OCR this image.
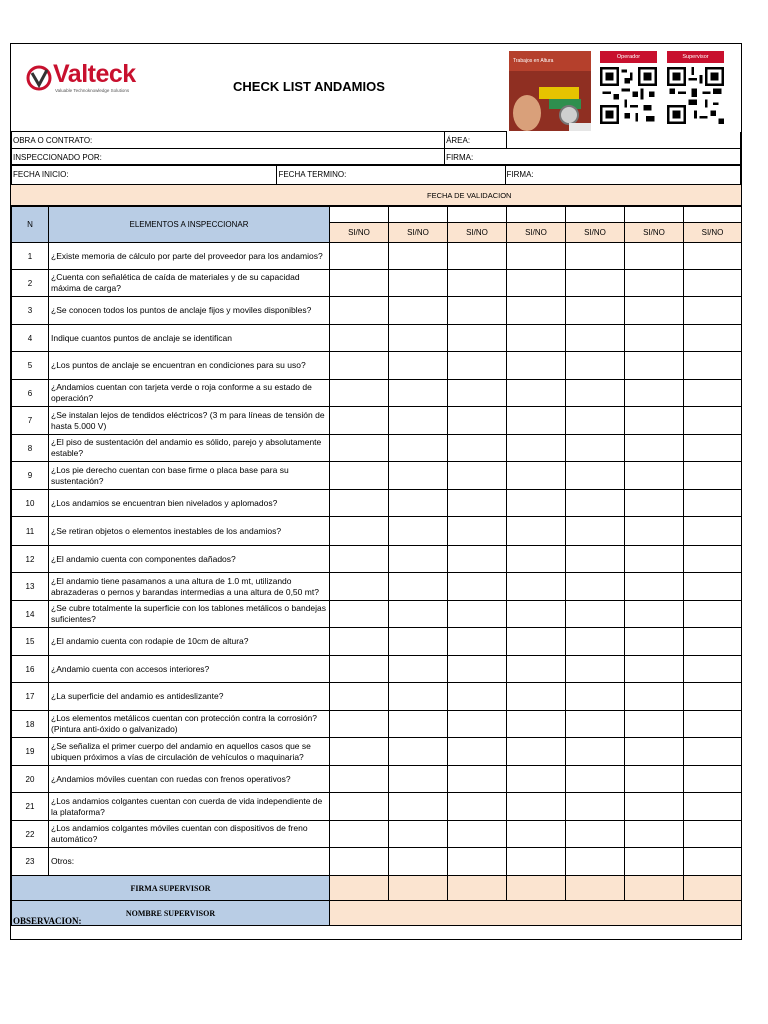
Valteck
Valuable Technoknowledge Solutions	CHECK LIST ANDAMIOS
Trabajos en Altura
Operador	Supervisor
OBRA O CONTRATO:	ÁREA:	
INSPECCIONADO POR:	FIRMA:	
FECHA INICIO:	FECHA TERMINO:	FIRMA:
FECHA DE VALIDACION
N	ELEMENTOS A INSPECCIONAR							
		SI/NO	SI/NO	SI/NO	SI/NO	SI/NO	SI/NO	SI/NO
1	¿Existe memoria de cálculo por parte del proveedor para los andamios?							
2	¿Cuenta con señalética de caída de materiales y de su capacidad máxima de carga?							
3	¿Se conocen todos los puntos de anclaje fijos y moviles disponibles?							
4	Indique cuantos puntos de anclaje se identifican							
5	¿Los puntos de anclaje se encuentran en condiciones para su uso?							
6	¿Andamios cuentan con tarjeta verde o roja conforme a su estado de operación?							
7	¿Se instalan lejos de tendidos eléctricos? (3 m para líneas de tensión de hasta 5.000 V)							
8	¿El piso de sustentación del andamio es sólido, parejo y absolutamente estable?							
9	¿Los pie derecho cuentan con base firme o placa base para su sustentación?							
10	¿Los andamios se encuentran bien nivelados y aplomados?							
11	¿Se retiran objetos o elementos inestables de los andamios?							
12	¿El andamio cuenta con componentes dañados?							
13	¿El andamio tiene pasamanos a una altura de 1.0 mt, utilizando abrazaderas o pernos y barandas intermedias a una altura de 0,50 mt?							
14	¿Se cubre totalmente la superficie con los tablones metálicos o bandejas suficientes?							
15	¿El andamio cuenta con rodapie de 10cm de altura?							
16	¿Andamio cuenta con accesos interiores?							
17	¿La superficie del andamio es antideslizante?							
18	¿Los elementos metálicos cuentan con protección contra la corrosión? (Pintura anti-óxido o galvanizado)							
19	¿Se señaliza el primer cuerpo del andamio en aquellos casos que se ubiquen próximos a vías de circulación de vehículos o maquinaria?							
20	¿Andamios móviles cuentan con ruedas con frenos operativos?							
21	¿Los andamios colgantes cuentan con cuerda de vida independiente de la plataforma?							
22	¿Los andamios colgantes móviles cuentan con dispositivos de freno automático?							
23	Otros:							
FIRMA SUPERVISOR								
NOMBRE SUPERVISOR								
OBSERVACION:
